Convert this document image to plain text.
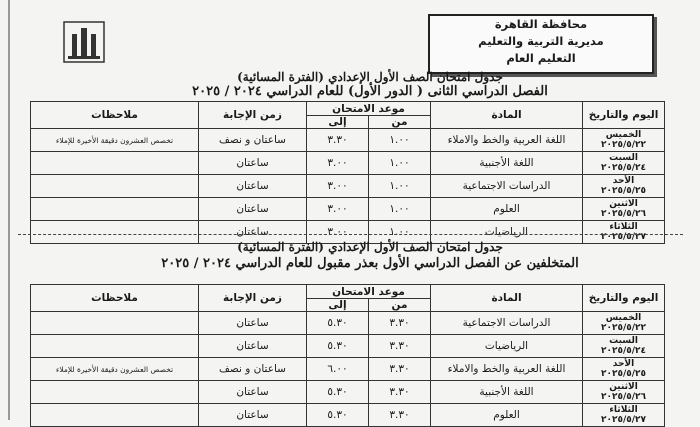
محافظة القاهرة
مديرية التربية والتعليم
التعليم العام
جدول امتحان الصف الأول الإعدادي (الفترة المسائية)
الفصل الدراسي الثانى ( الدور الأول) للعام الدراسي ٢٠٢٤ / ٢٠٢٥
اليوم والتاريخ	المادة	موعد الامتحان		زمن الإجابة	ملاحظات
		من	إلى		

الخميس
٢٠٢٥/٥/٢٢	اللغة العربية والخط والاملاء	١.٠٠	٣.٣٠	ساعتان و نصف	تخصص العشرون دقيقة الأخيرة للإملاء

السبت
٢٠٢٥/٥/٢٤	اللغة الأجنبية	١.٠٠	٣.٠٠	ساعتان	

الأحد
٢٠٢٥/٥/٢٥	الدراسات الاجتماعية	١.٠٠	٣.٠٠	ساعتان	

الاثنين
٢٠٢٥/٥/٢٦	العلوم	١.٠٠	٣.٠٠	ساعتان	

الثلاثاء
٢٠٢٥/٥/٢٧	الرياضيات	١.٠٠	٣.٠٠	ساعتان	
جدول امتحان الصف الأول الإعدادي (الفترة المسائية)
المتخلفين عن الفصل الدراسي الأول بعذر مقبول للعام الدراسي ٢٠٢٤ / ٢٠٢٥
اليوم والتاريخ	المادة	موعد الامتحان		زمن الإجابة	ملاحظات
		من	إلى		

الخميس
٢٠٢٥/٥/٢٢	الدراسات الاجتماعية	٣.٣٠	٥.٣٠	ساعتان	

السبت
٢٠٢٥/٥/٢٤	الرياضيات	٣.٣٠	٥.٣٠	ساعتان	

الأحد
٢٠٢٥/٥/٢٥	اللغة العربية والخط والاملاء	٣.٣٠	٦.٠٠	ساعتان و نصف	تخصص العشرون دقيقة الأخيرة للإملاء

الاثنين
٢٠٢٥/٥/٢٦	اللغة الأجنبية	٣.٣٠	٥.٣٠	ساعتان	

الثلاثاء
٢٠٢٥/٥/٢٧	العلوم	٣.٣٠	٥.٣٠	ساعتان	
